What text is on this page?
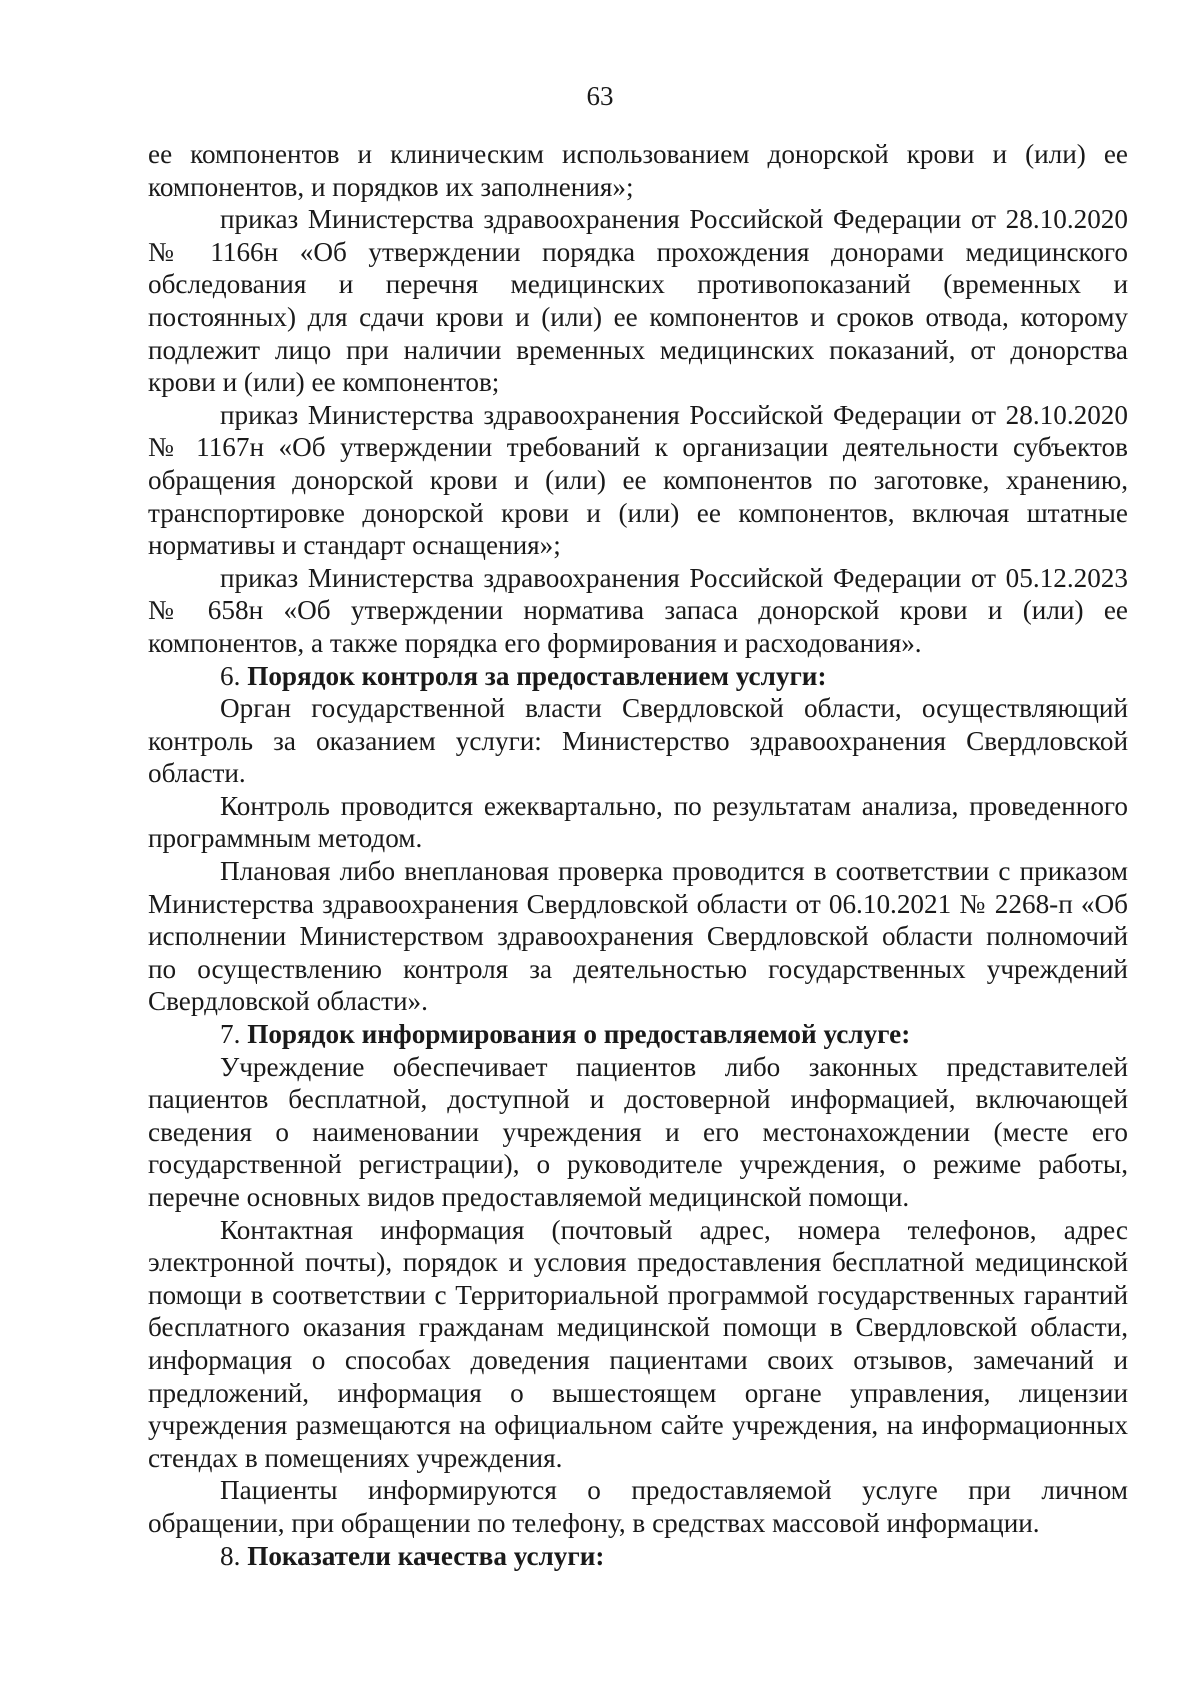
63

ее компонентов и клиническим использованием донорской крови и (или) ее компонентов, и порядков их заполнения»;

приказ Министерства здравоохранения Российской Федерации от 28.10.2020 № 1166н «Об утверждении порядка прохождения донорами медицинского обследования и перечня медицинских противопоказаний (временных и постоянных) для сдачи крови и (или) ее компонентов и сроков отвода, которому подлежит лицо при наличии временных медицинских показаний, от донорства крови и (или) ее компонентов;

приказ Министерства здравоохранения Российской Федерации от 28.10.2020 № 1167н «Об утверждении требований к организации деятельности субъектов обращения донорской крови и (или) ее компонентов по заготовке, хранению, транспортировке донорской крови и (или) ее компонентов, включая штатные нормативы и стандарт оснащения»;

приказ Министерства здравоохранения Российской Федерации от 05.12.2023 № 658н «Об утверждении норматива запаса донорской крови и (или) ее компонентов, а также порядка его формирования и расходования».

6. Порядок контроля за предоставлением услуги:

Орган государственной власти Свердловской области, осуществляющий контроль за оказанием услуги: Министерство здравоохранения Свердловской области.

Контроль проводится ежеквартально, по результатам анализа, проведенного программным методом.

Плановая либо внеплановая проверка проводится в соответствии с приказом Министерства здравоохранения Свердловской области от 06.10.2021 № 2268-п «Об исполнении Министерством здравоохранения Свердловской области полномочий по осуществлению контроля за деятельностью государственных учреждений Свердловской области».

7. Порядок информирования о предоставляемой услуге:

Учреждение обеспечивает пациентов либо законных представителей пациентов бесплатной, доступной и достоверной информацией, включающей сведения о наименовании учреждения и его местонахождении (месте его государственной регистрации), о руководителе учреждения, о режиме работы, перечне основных видов предоставляемой медицинской помощи.

Контактная информация (почтовый адрес, номера телефонов, адрес электронной почты), порядок и условия предоставления бесплатной медицинской помощи в соответствии с Территориальной программой государственных гарантий бесплатного оказания гражданам медицинской помощи в Свердловской области, информация о способах доведения пациентами своих отзывов, замечаний и предложений, информация о вышестоящем органе управления, лицензии учреждения размещаются на официальном сайте учреждения, на информационных стендах в помещениях учреждения.

Пациенты информируются о предоставляемой услуге при личном обращении, при обращении по телефону, в средствах массовой информации.

8. Показатели качества услуги:
